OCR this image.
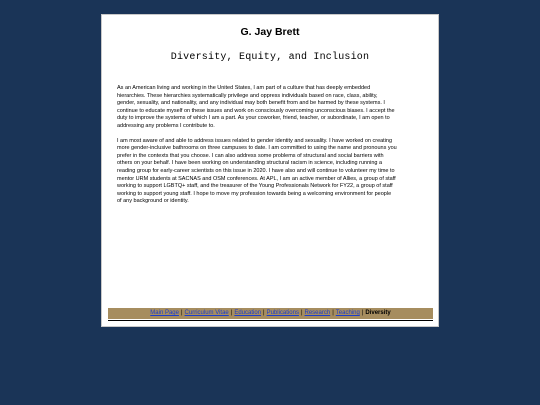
G. Jay Brett
Diversity, Equity, and Inclusion

As an American living and working in the United States, I am part of a culture that has deeply embedded hierarchies. These hierarchies systematically privilege and oppress individuals based on race, class, ability, gender, sexuality, and nationality, and any individual may both benefit from and be harmed by these systems. I continue to educate myself on these issues and work on consciously overcoming unconscious biases. I accept the duty to improve the systems of which I am a part. As your coworker, friend, teacher, or subordinate, I am open to addressing any problems I contribute to.

I am most aware of and able to address issues related to gender identity and sexuality. I have worked on creating more gender-inclusive bathrooms on three campuses to date. I am committed to using the name and pronouns you prefer in the contexts that you choose. I can also address some problems of structural and social barriers with others on your behalf. I have been working on understanding structural racism in science, including running a reading group for early-career scientists on this issue in 2020. I have also and will continue to volunteer my time to mentor URM students at SACNAS and OSM conferences. At APL, I am an active member of Allies, a group of staff working to support LGBTQ+ staff, and the treasurer of the Young Professionals Network for FY22, a group of staff working to support young staff. I hope to move my profession towards being a welcoming environment for people of any background or identity.

Main Page | Curriculum Vitae | Education | Publications | Research | Teaching | Diversity
